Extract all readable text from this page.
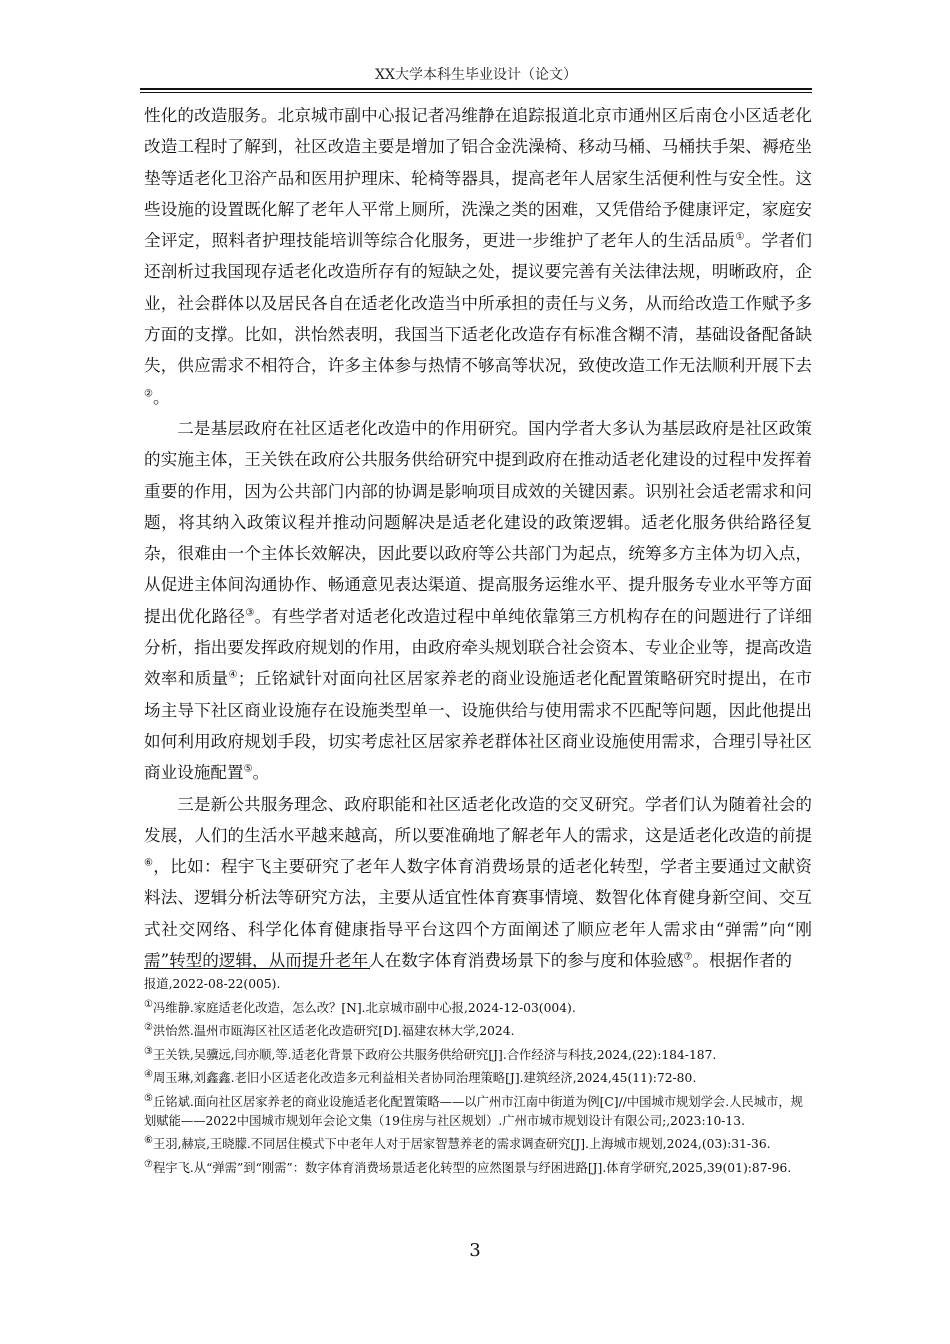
XX大学本科生毕业设计（论文）

性化的改造服务。北京城市副中心报记者冯维静在追踪报道北京市通州区后南仓小区适老化改造工程时了解到，社区改造主要是增加了铝合金洗澡椅、移动马桶、马桶扶手架、褥疮坐垫等适老化卫浴产品和医用护理床、轮椅等器具，提高老年人居家生活便利性与安全性。这些设施的设置既化解了老年人平常上厕所，洗澡之类的困难，又凭借给予健康评定，家庭安全评定，照料者护理技能培训等综合化服务，更进一步维护了老年人的生活品质①。学者们还剖析过我国现存适老化改造所存有的短缺之处，提议要完善有关法律法规，明晰政府，企业，社会群体以及居民各自在适老化改造当中所承担的责任与义务，从而给改造工作赋予多方面的支撑。比如，洪怡然表明，我国当下适老化改造存有标准含糊不清，基础设备配备缺失，供应需求不相符合，许多主体参与热情不够高等状况，致使改造工作无法顺利开展下去②。

二是基层政府在社区适老化改造中的作用研究。国内学者大多认为基层政府是社区政策的实施主体，王关铁在政府公共服务供给研究中提到政府在推动适老化建设的过程中发挥着重要的作用，因为公共部门内部的协调是影响项目成效的关键因素。识别社会适老需求和问题，将其纳入政策议程并推动问题解决是适老化建设的政策逻辑。适老化服务供给路径复杂，很难由一个主体长效解决，因此要以政府等公共部门为起点，统筹多方主体为切入点，从促进主体间沟通协作、畅通意见表达渠道、提高服务运维水平、提升服务专业水平等方面提出优化路径③。有些学者对适老化改造过程中单纯依靠第三方机构存在的问题进行了详细分析，指出要发挥政府规划的作用，由政府牵头规划联合社会资本、专业企业等，提高改造效率和质量④；丘铭斌针对面向社区居家养老的商业设施适老化配置策略研究时提出，在市场主导下社区商业设施存在设施类型单一、设施供给与使用需求不匹配等问题，因此他提出如何利用政府规划手段，切实考虑社区居家养老群体社区商业设施使用需求，合理引导社区商业设施配置⑤。

三是新公共服务理念、政府职能和社区适老化改造的交叉研究。学者们认为随着社会的发展，人们的生活水平越来越高，所以要准确地了解老年人的需求，这是适老化改造的前提⑥，比如：程宇飞主要研究了老年人数字体育消费场景的适老化转型，学者主要通过文献资料法、逻辑分析法等研究方法，主要从适宜性体育赛事情境、数智化体育健身新空间、交互式社交网络、科学化体育健康指导平台这四个方面阐述了顺应老年人需求由“弹需”向“刚需”转型的逻辑，从而提升老年人在数字体育消费场景下的参与度和体验感⑦。根据作者的

报道,2022-08-22(005).
①冯维静.家庭适老化改造，怎么改？[N].北京城市副中心报,2024-12-03(004).
②洪怡然.温州市瓯海区社区适老化改造研究[D].福建农林大学,2024.
③王关铁,吴骥远,闫亦顺,等.适老化背景下政府公共服务供给研究[J].合作经济与科技,2024,(22):184-187.
④周玉琳,刘鑫鑫.老旧小区适老化改造多元利益相关者协同治理策略[J].建筑经济,2024,45(11):72-80.
⑤丘铭斌.面向社区居家养老的商业设施适老化配置策略——以广州市江南中街道为例[C]//中国城市规划学会.人民城市，规划赋能——2022中国城市规划年会论文集（19住房与社区规划）.广州市城市规划设计有限公司;,2023:10-13.
⑥王羽,赫宸,王晓朦.不同居住模式下中老年人对于居家智慧养老的需求调查研究[J].上海城市规划,2024,(03):31-36.
⑦程宇飞.从“弹需”到“刚需”：数字体育消费场景适老化转型的应然图景与纾困进路[J].体育学研究,2025,39(01):87-96.
3
